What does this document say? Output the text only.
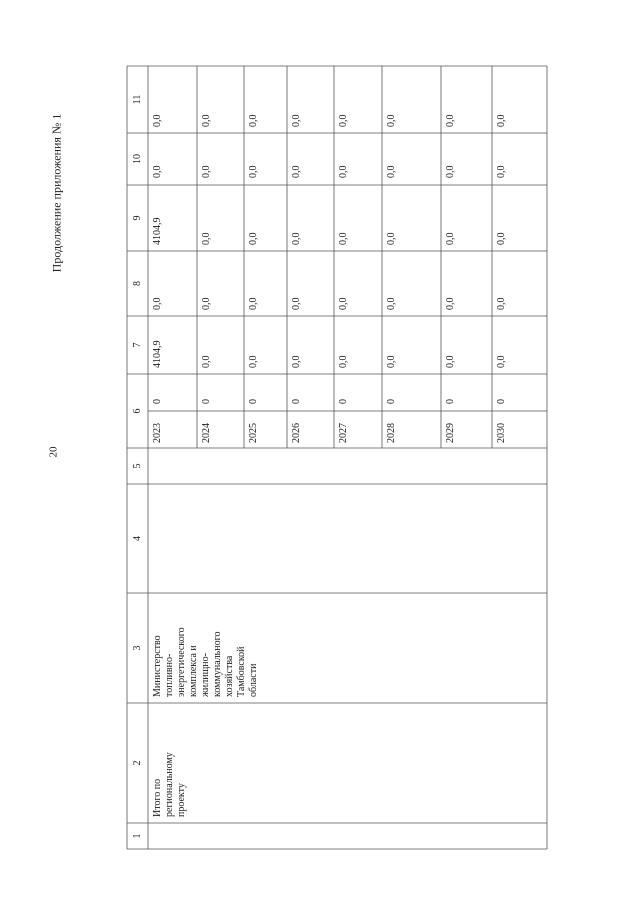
20
Продолжение приложения № 1
1
2
3
4
5
6
7
8
9
10
11
Итого по региональному проекту
Министерство топливно- энергетического комплекса и жилищно- коммунального хозяйства Тамбовской области
2023
0
4104,9
0,0
4104,9
0,0
0,0
2024
0
0,0
0,0
0,0
0,0
0,0
2025
0
0,0
0,0
0,0
0,0
0,0
2026
0
0,0
0,0
0,0
0,0
0,0
2027
0
0,0
0,0
0,0
0,0
0,0
2028
0
0,0
0,0
0,0
0,0
0,0
2029
0
0,0
0,0
0,0
0,0
0,0
2030
0
0,0
0,0
0,0
0,0
0,0
